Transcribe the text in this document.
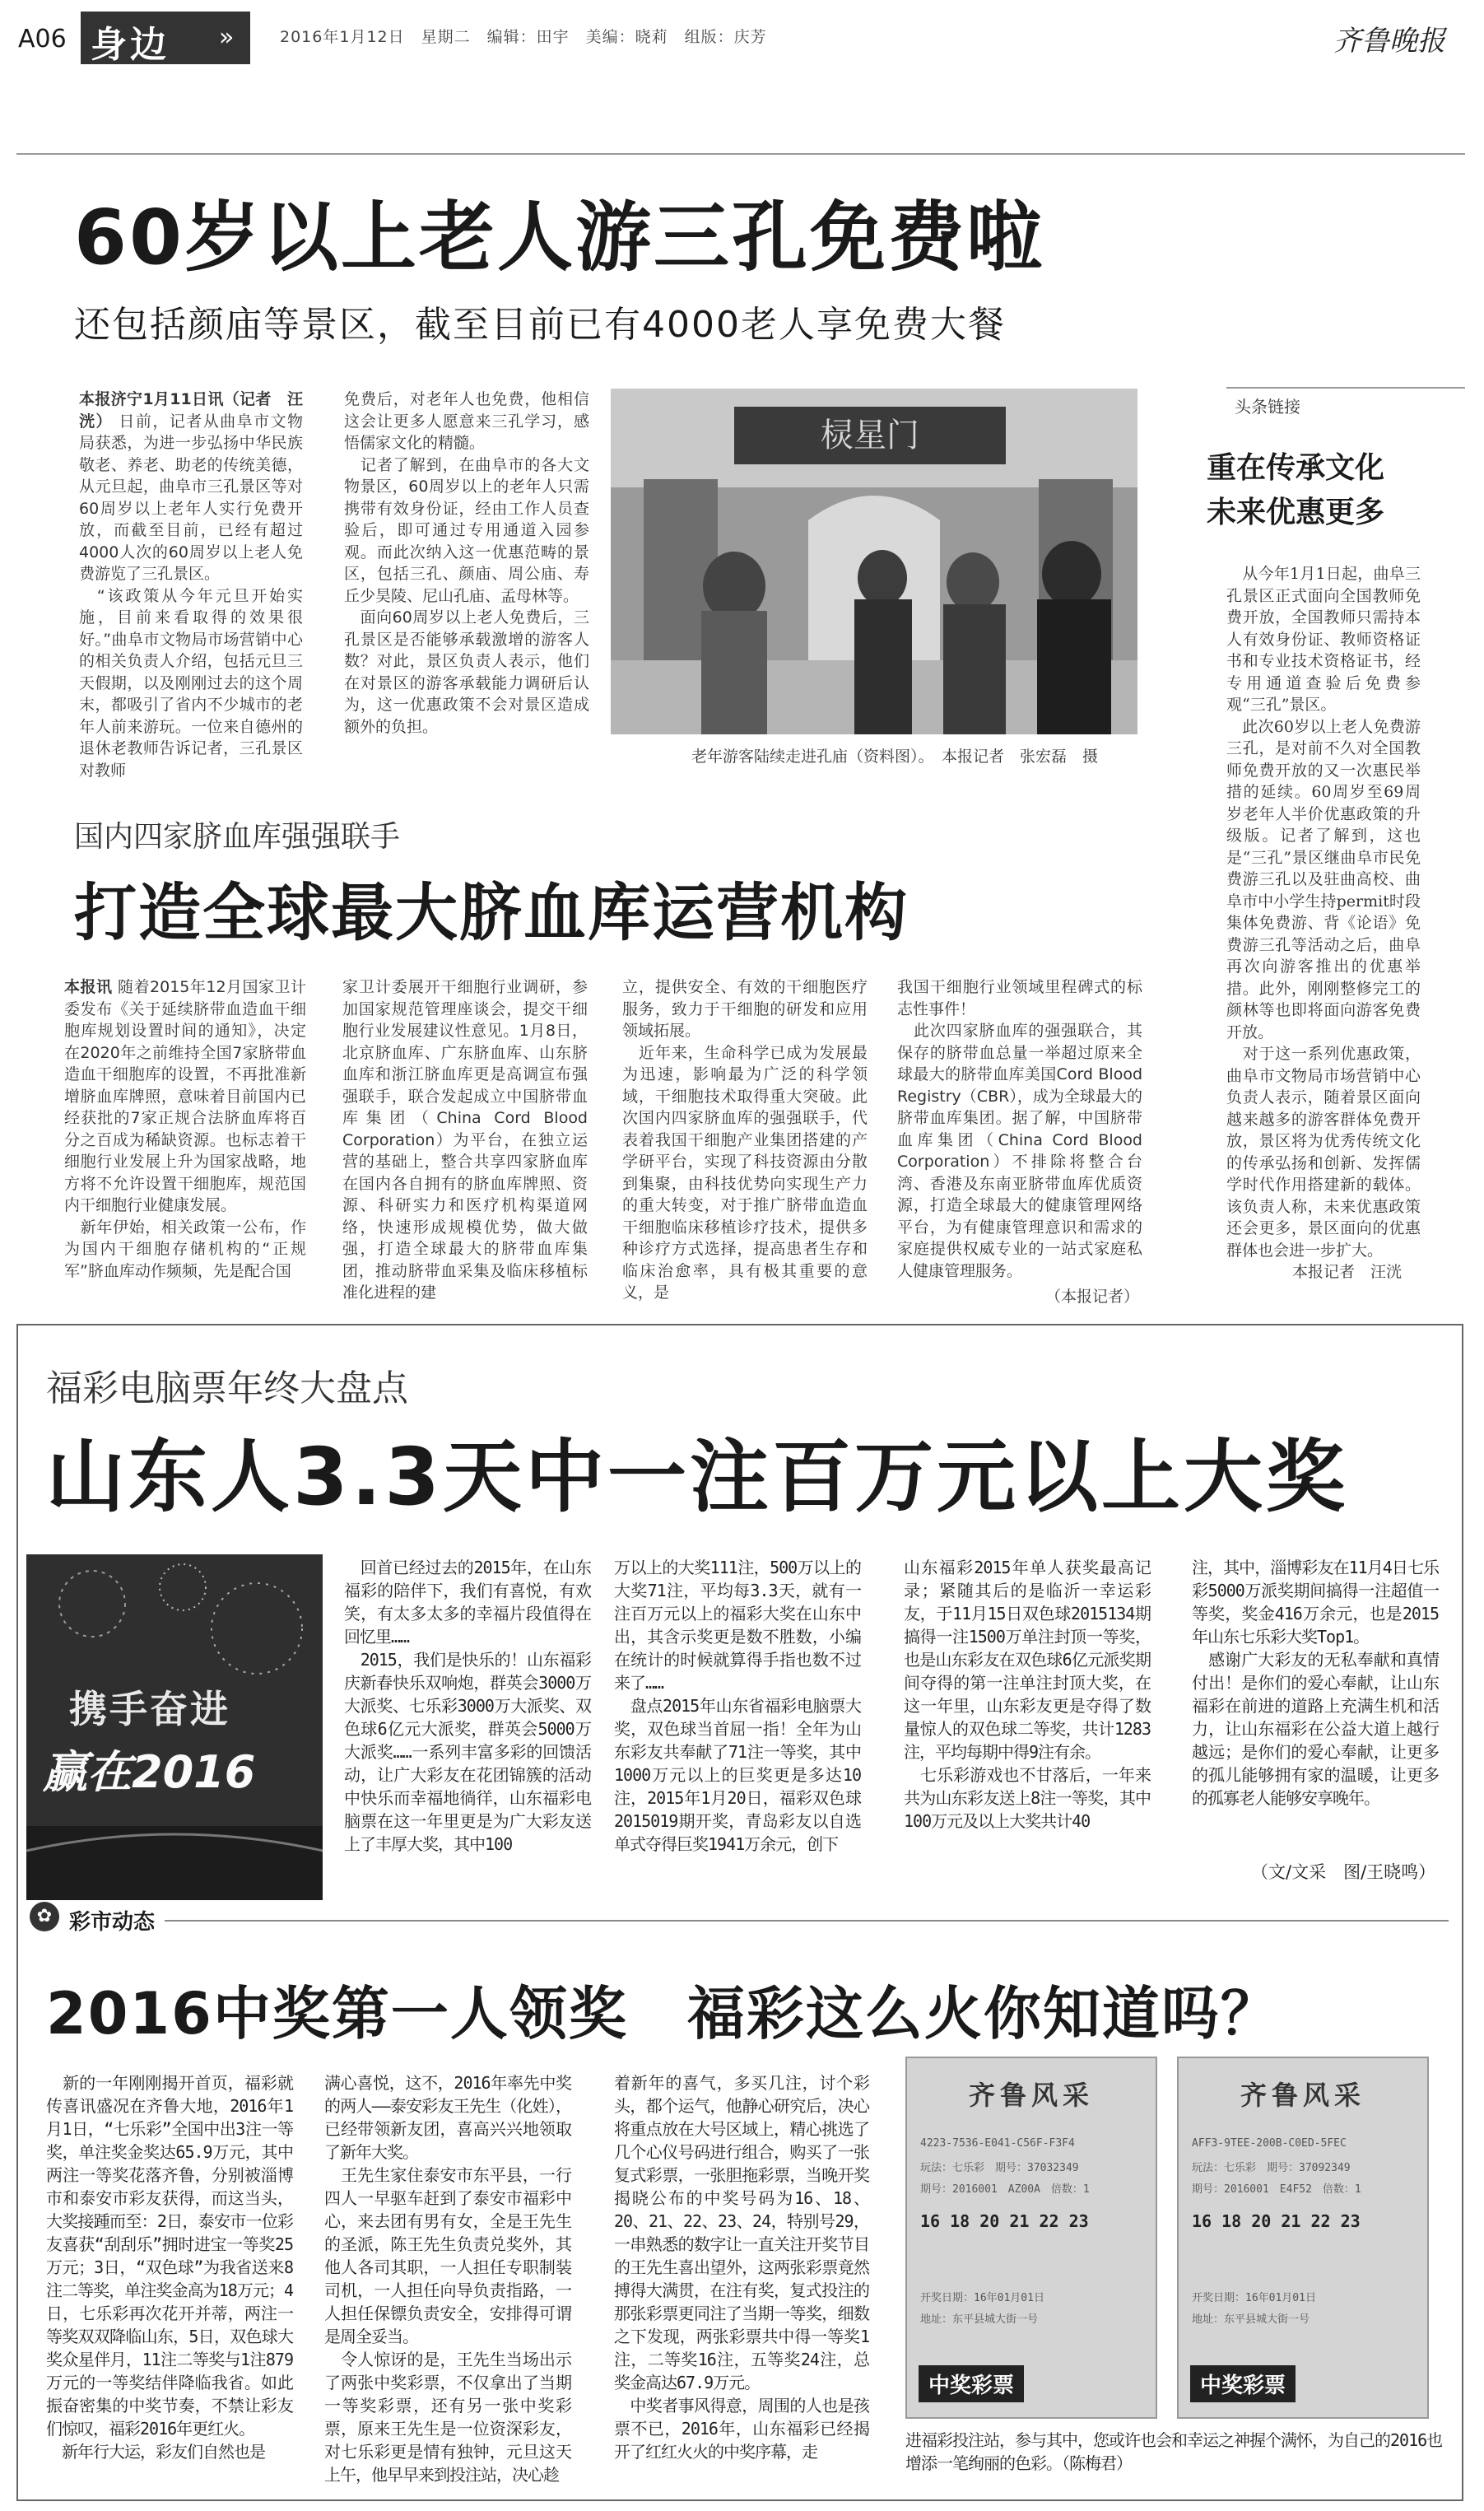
A06 身边 »	2016年1月12日　星期二　编辑：田宇　美编：晓莉　组版：庆芳	齐鲁晚报
60岁以上老人游三孔免费啦
还包括颜庙等景区，截至目前已有4000老人享免费大餐
本报济宁1月11日讯（记者　汪洸） 日前，记者从曲阜市文物局获悉，为进一步弘扬中华民族敬老、养老、助老的传统美德，从元旦起，曲阜市三孔景区等对60周岁以上老年人实行免费开放，而截至目前，已经有超过4000人次的60周岁以上老人免费游览了三孔景区。
　“该政策从今年元旦开始实施，目前来看取得的效果很好。”曲阜市文物局市场营销中心的相关负责人介绍，包括元旦三天假期，以及刚刚过去的这个周末，都吸引了省内不少城市的老年人前来游玩。一位来自德州的退休老教师告诉记者，三孔景区对教师
免费后，对老年人也免费，他相信这会让更多人愿意来三孔学习，感悟儒家文化的精髓。
　记者了解到，在曲阜市的各大文物景区，60周岁以上的老年人只需携带有效身份证，经由工作人员查验后，即可通过专用通道入园参观。而此次纳入这一优惠范畴的景区，包括三孔、颜庙、周公庙、寿丘少昊陵、尼山孔庙、孟母林等。
　面向60周岁以上老人免费后，三孔景区是否能够承载激增的游客人数？对此，景区负责人表示，他们在对景区的游客承载能力调研后认为，这一优惠政策不会对景区造成额外的负担。
棂星门
老年游客陆续走进孔庙（资料图）。　本报记者　张宏磊　摄
头条链接
重在传承文化
未来优惠更多
　从今年1月1日起，曲阜三孔景区正式面向全国教师免费开放，全国教师只需持本人有效身份证、教师资格证书和专业技术资格证书，经专用通道查验后免费参观“三孔”景区。
　此次60岁以上老人免费游三孔，是对前不久对全国教师免费开放的又一次惠民举措的延续。60周岁至69周岁老年人半价优惠政策的升级版。记者了解到，这也是“三孔”景区继曲阜市民免费游三孔以及驻曲高校、曲阜市中小学生持permit时段集体免费游、背《论语》免费游三孔等活动之后，曲阜再次向游客推出的优惠举措。此外，刚刚整修完工的颜林等也即将面向游客免费开放。
　对于这一系列优惠政策，曲阜市文物局市场营销中心负责人表示，随着景区面向越来越多的游客群体免费开放，景区将为优秀传统文化的传承弘扬和创新、发挥儒学时代作用搭建新的载体。该负责人称，未来优惠政策还会更多，景区面向的优惠群体也会进一步扩大。
本报记者　汪洸
国内四家脐血库强强联手
打造全球最大脐血库运营机构
本报讯 随着2015年12月国家卫计委发布《关于延续脐带血造血干细胞库规划设置时间的通知》，决定在2020年之前维持全国7家脐带血造血干细胞库的设置，不再批准新增脐血库牌照，意味着目前国内已经获批的7家正规合法脐血库将百分之百成为稀缺资源。也标志着干细胞行业发展上升为国家战略，地方将不允许设置干细胞库，规范国内干细胞行业健康发展。
　新年伊始，相关政策一公布，作为国内干细胞存储机构的“正规军”脐血库动作频频，先是配合国
家卫计委展开干细胞行业调研，参加国家规范管理座谈会，提交干细胞行业发展建议性意见。1月8日，北京脐血库、广东脐血库、山东脐血库和浙江脐血库更是高调宣布强强联手，联合发起成立中国脐带血库集团（China Cord Blood Corporation）为平台，在独立运营的基础上，整合共享四家脐血库在国内各自拥有的脐血库牌照、资源、科研实力和医疗机构渠道网络，快速形成规模优势，做大做强，打造全球最大的脐带血库集团，推动脐带血采集及临床移植标准化进程的建
立，提供安全、有效的干细胞医疗服务，致力于干细胞的研发和应用领域拓展。
　近年来，生命科学已成为发展最为迅速，影响最为广泛的科学领域，干细胞技术取得重大突破。此次国内四家脐血库的强强联手，代表着我国干细胞产业集团搭建的产学研平台，实现了科技资源由分散到集聚，由科技优势向实现生产力的重大转变，对于推广脐带血造血干细胞临床移植诊疗技术，提供多种诊疗方式选择，提高患者生存和临床治愈率，具有极其重要的意义，是
我国干细胞行业领域里程碑式的标志性事件！
　此次四家脐血库的强强联合，其保存的脐带血总量一举超过原来全球最大的脐带血库美国Cord Blood Registry（CBR），成为全球最大的脐带血库集团。据了解，中国脐带血库集团（China Cord Blood Corporation）不排除将整合台湾、香港及东南亚脐带血库优质资源，打造全球最大的健康管理网络平台，为有健康管理意识和需求的家庭提供权威专业的一站式家庭私人健康管理服务。
（本报记者）
福彩电脑票年终大盘点
山东人3.3天中一注百万元以上大奖
携手奋进
赢在2016
　回首已经过去的2015年，在山东福彩的陪伴下，我们有喜悦，有欢笑，有太多太多的幸福片段值得在回忆里……
　2015，我们是快乐的！山东福彩庆新春快乐双响炮，群英会3000万大派奖、七乐彩3000万大派奖、双色球6亿元大派奖，群英会5000万大派奖……一系列丰富多彩的回馈活动，让广大彩友在花团锦簇的活动中快乐而幸福地徜徉，山东福彩电脑票在这一年里更是为广大彩友送上了丰厚大奖，其中100
万以上的大奖111注，500万以上的大奖71注，平均每3.3天，就有一注百万元以上的福彩大奖在山东中出，其含示奖更是数不胜数，小编在统计的时候就算得手指也数不过来了……
　盘点2015年山东省福彩电脑票大奖，双色球当首屈一指！全年为山东彩友共奉献了71注一等奖，其中1000万元以上的巨奖更是多达10注，2015年1月20日，福彩双色球2015019期开奖，青岛彩友以自选单式夺得巨奖1941万余元，创下
山东福彩2015年单人获奖最高记录；紧随其后的是临沂一幸运彩友，于11月15日双色球2015134期搞得一注1500万单注封顶一等奖，也是山东彩友在双色球6亿元派奖期间夺得的第一注单注封顶大奖，在这一年里，山东彩友更是夺得了数量惊人的双色球二等奖，共计1283注，平均每期中得9注有余。
　七乐彩游戏也不甘落后，一年来共为山东彩友送上8注一等奖，其中100万元及以上大奖共计40
注，其中，淄博彩友在11月4日七乐彩5000万派奖期间搞得一注超值一等奖，奖金416万余元，也是2015年山东七乐彩大奖Top1。
　感谢广大彩友的无私奉献和真情付出！是你们的爱心奉献，让山东福彩在前进的道路上充满生机和活力，让山东福彩在公益大道上越行越远；是你们的爱心奉献，让更多的孤儿能够拥有家的温暖，让更多的孤寡老人能够安享晚年。
（文/文采　图/王晓鸣）
✿ 彩市动态
2016中奖第一人领奖　福彩这么火你知道吗？
　新的一年刚刚揭开首页，福彩就传喜讯盛况在齐鲁大地，2016年1月1日，“七乐彩”全国中出3注一等奖，单注奖金奖达65.9万元，其中两注一等奖花落齐鲁，分别被淄博市和泰安市彩友获得，而这当头，大奖接踵而至：2日，泰安市一位彩友喜获“刮刮乐”拥时进宝一等奖25万元；3日，“双色球”为我省送来8注二等奖，单注奖金高为18万元；4日，七乐彩再次花开并蒂，两注一等奖双双降临山东，5日，双色球大奖众星伴月，11注二等奖与1注879万元的一等奖结伴降临我省。如此振奋密集的中奖节奏，不禁让彩友们惊叹，福彩2016年更红火。
　新年行大运，彩友们自然也是
满心喜悦，这不，2016年率先中奖的两人——泰安彩友王先生（化姓），已经带领新友团，喜高兴兴地领取了新年大奖。
　王先生家住泰安市东平县，一行四人一早驱车赶到了泰安市福彩中心，来去团有男有女，全是王先生的圣派，陈王先生负责兑奖外，其他人各司其职，一人担任专职制装司机，一人担任向导负责指路，一人担任保镖负责安全，安排得可谓是周全妥当。
　令人惊讶的是，王先生当场出示了两张中奖彩票，不仅拿出了当期一等奖彩票，还有另一张中奖彩票，原来王先生是一位资深彩友，对七乐彩更是情有独钟，元旦这天上午，他早早来到投注站，决心趁
着新年的喜气，多买几注，讨个彩头，都个运气，他静心研究后，决心将重点放在大号区域上，精心挑选了几个心仪号码进行组合，购买了一张复式彩票，一张胆拖彩票，当晚开奖揭晓公布的中奖号码为16、18、20、21、22、23、24，特别号29，一串熟悉的数字让一直关注开奖节目的王先生喜出望外，这两张彩票竟然搏得大满贯，在注有奖，复式投注的那张彩票更同注了当期一等奖，细数之下发现，两张彩票共中得一等奖1注，二等奖16注，五等奖24注，总奖金高达67.9万元。
　中奖者事风得意，周围的人也是孩票不已，2016年，山东福彩已经揭开了红红火火的中奖序幕，走
齐鲁风采
4223-7536-E041-C56F-F3F4
玩法：七乐彩　期号：37032349
期号：2016001　AZ00A　倍数：1
16 18 20 21 22 23
开奖日期：16年01月01日
地址：东平县城大街一号
中奖彩票
齐鲁风采
AFF3-9TEE-200B-C0ED-5FEC
玩法：七乐彩　期号：37092349
期号：2016001　E4F52　倍数：1
16 18 20 21 22 23
开奖日期：16年01月01日
地址：东平县城大街一号
中奖彩票
进福彩投注站，参与其中，您或许也会和幸运之神握个满怀，为自己的2016也增添一笔绚丽的色彩。（陈梅君）
